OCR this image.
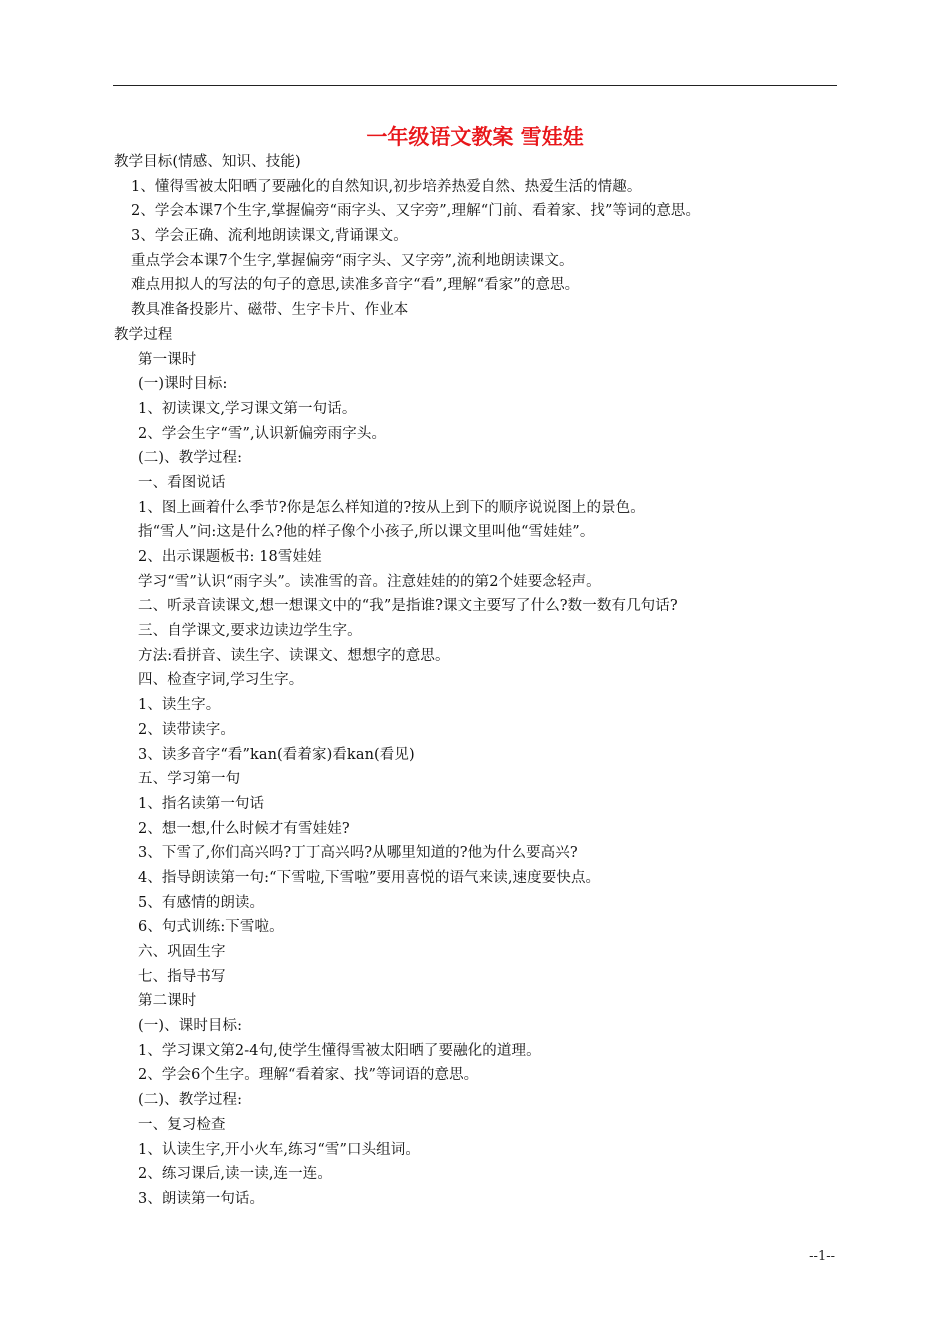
一年级语文教案 雪娃娃
教学目标(情感、知识、技能)
1、懂得雪被太阳晒了要融化的自然知识,初步培养热爱自然、热爱生活的情趣。
2、学会本课7个生字,掌握偏旁“雨字头、又字旁”,理解“门前、看着家、找”等词的意思。
3、学会正确、流利地朗读课文,背诵课文。
重点学会本课7个生字,掌握偏旁“雨字头、又字旁”,流利地朗读课文。
难点用拟人的写法的句子的意思,读准多音字“看”,理解“看家”的意思。
教具准备投影片、磁带、生字卡片、作业本
教学过程
第一课时
(一)课时目标:
1、初读课文,学习课文第一句话。
2、学会生字“雪”,认识新偏旁雨字头。
(二)、教学过程:
一、看图说话
1、图上画着什么季节?你是怎么样知道的?按从上到下的顺序说说图上的景色。
指“雪人”问:这是什么?他的样子像个小孩子,所以课文里叫他“雪娃娃”。
2、出示课题板书: 18雪娃娃
学习“雪”认识“雨字头”。读准雪的音。注意娃娃的的第2个娃要念轻声。
二、听录音读课文,想一想课文中的“我”是指谁?课文主要写了什么?数一数有几句话?
三、自学课文,要求边读边学生字。
方法:看拼音、读生字、读课文、想想字的意思。
四、检查字词,学习生字。
1、读生字。
2、读带读字。
3、读多音字“看”kan(看着家)看kan(看见)
五、学习第一句
1、指名读第一句话
2、想一想,什么时候才有雪娃娃?
3、下雪了,你们高兴吗?丁丁高兴吗?从哪里知道的?他为什么要高兴?
4、指导朗读第一句:“下雪啦,下雪啦”要用喜悦的语气来读,速度要快点。
5、有感情的朗读。
6、句式训练:下雪啦。
六、巩固生字
七、指导书写
第二课时
(一)、课时目标:
1、学习课文第2-4句,使学生懂得雪被太阳晒了要融化的道理。
2、学会6个生字。理解“看着家、找”等词语的意思。
(二)、教学过程:
一、复习检查
1、认读生字,开小火车,练习“雪”口头组词。
2、练习课后,读一读,连一连。
3、朗读第一句话。
--1--
